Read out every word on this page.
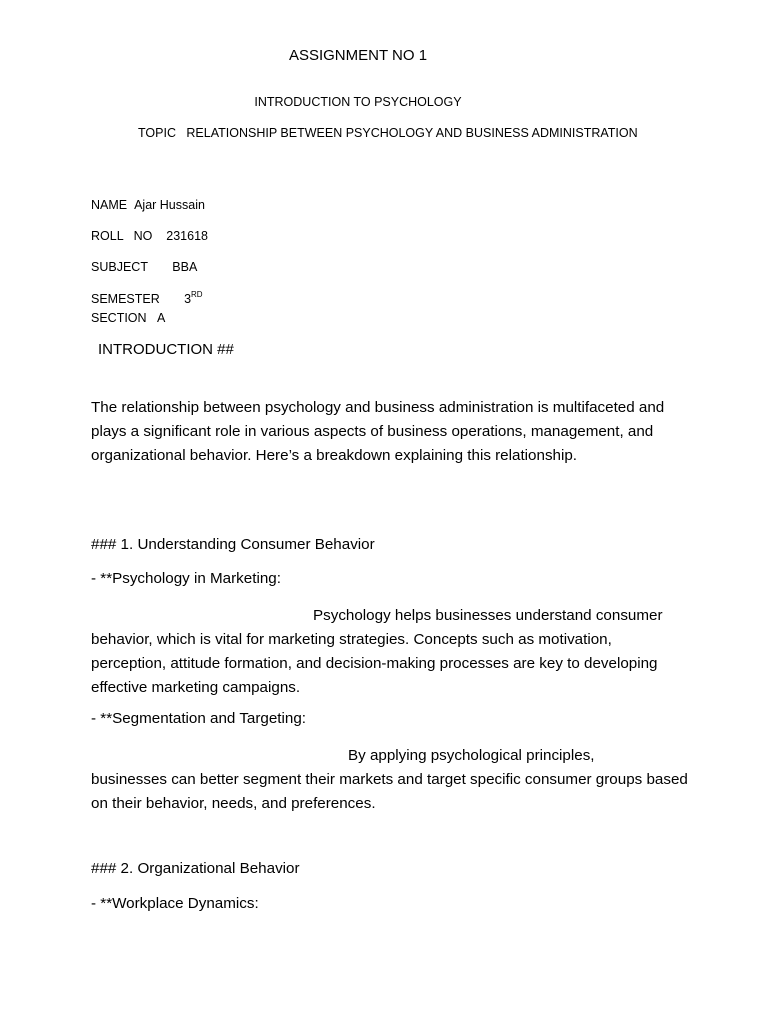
ASSIGNMENT NO 1
INTRODUCTION TO PSYCHOLOGY
TOPIC RELATIONSHIP BETWEEN PSYCHOLOGY AND BUSINESS ADMINISTRATION
NAME Ajar Hussain
ROLL   NO 231618
SUBJECT BBA
SEMESTER 3RD
SECTION A
INTRODUCTION ##
The relationship between psychology and business administration is multifaceted and plays a significant role in various aspects of business operations, management, and organizational behavior. Here’s a breakdown explaining this relationship.
### 1. Understanding Consumer Behavior
- **Psychology in Marketing:
Psychology helps businesses understand consumer
behavior, which is vital for marketing strategies. Concepts such as motivation, perception, attitude formation, and decision-making processes are key to developing effective marketing campaigns.
- **Segmentation and Targeting:
By applying psychological principles,
businesses can better segment their markets and target specific consumer groups based on their behavior, needs, and preferences.
### 2. Organizational Behavior
- **Workplace Dynamics:
